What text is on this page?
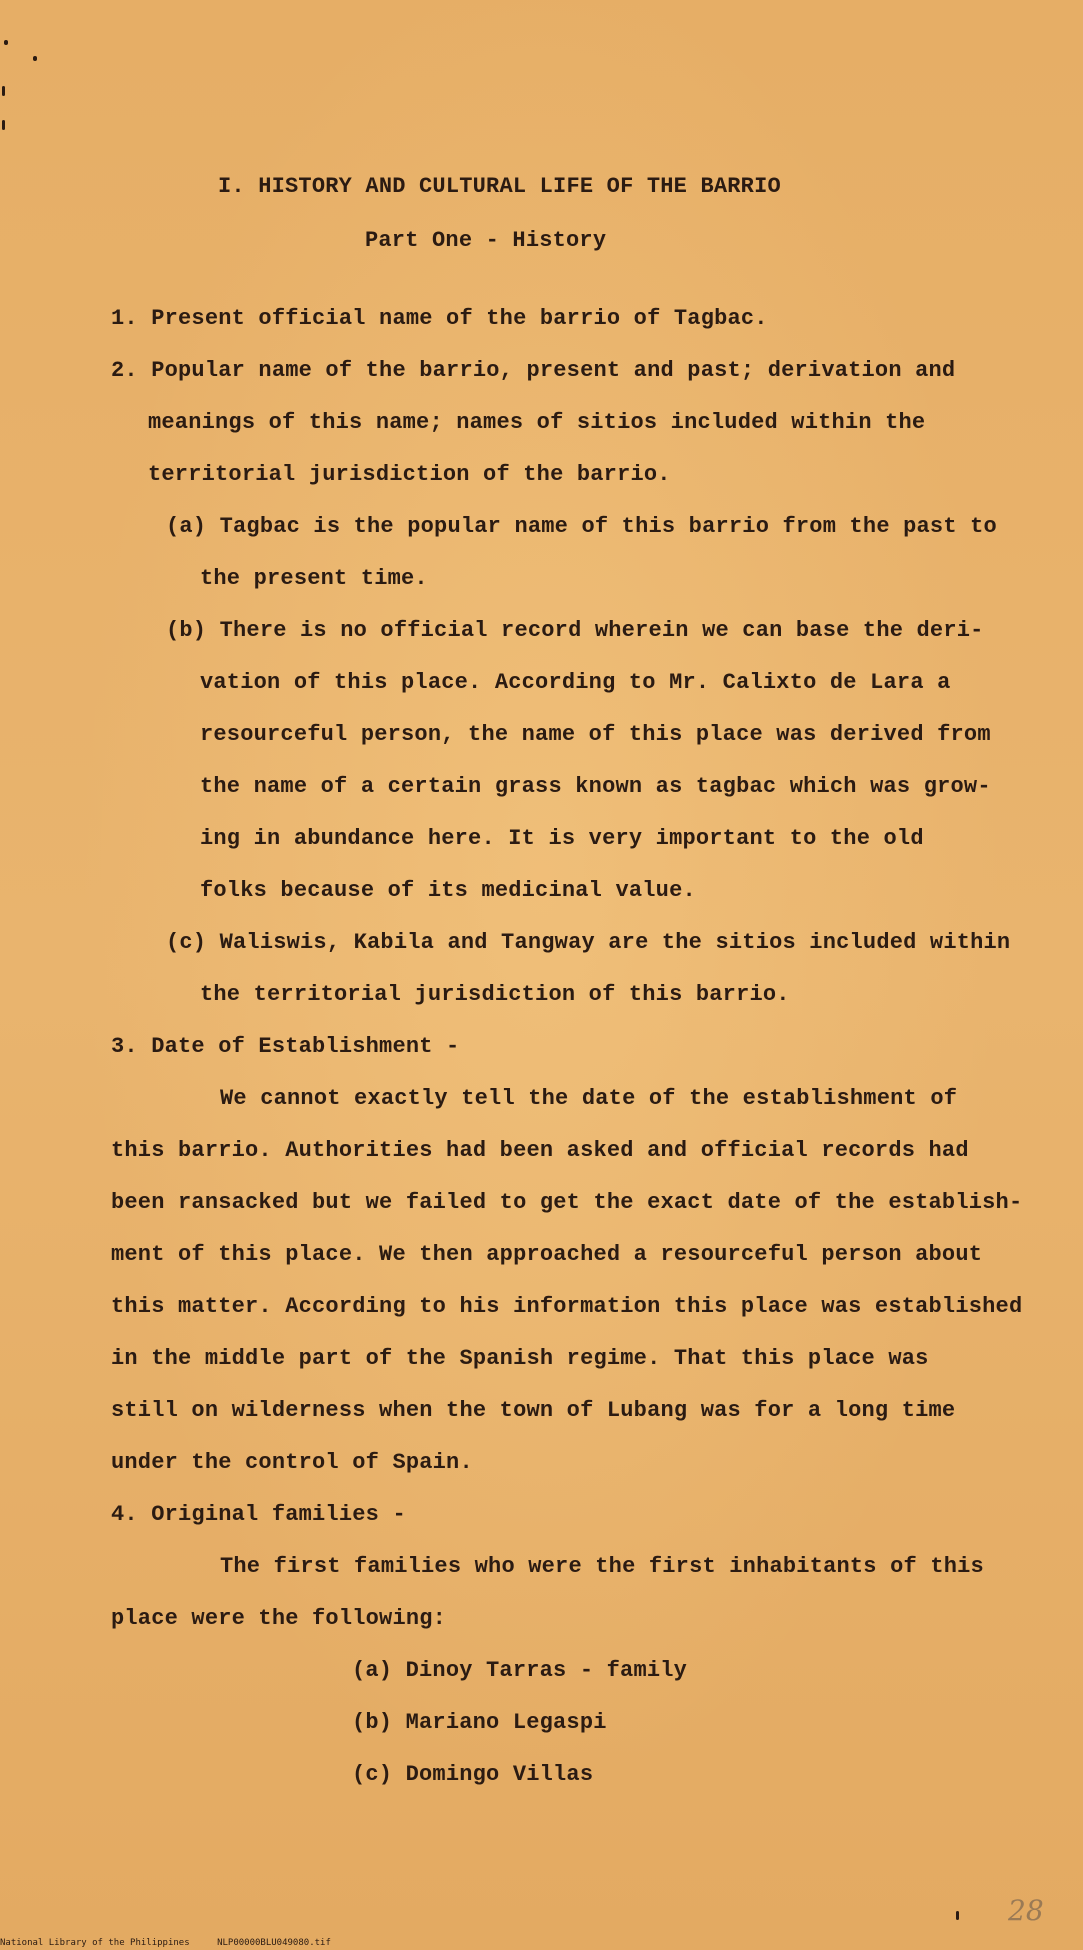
I. HISTORY AND CULTURAL LIFE OF THE BARRIO
Part One - History
1. Present official name of the barrio of Tagbac.
2. Popular name of the barrio, present and past; derivation and
meanings of this name; names of sitios included within the
territorial jurisdiction of the barrio.
(a) Tagbac is the popular name of this barrio from the past to
the present time.
(b) There is no official record wherein we can base the deri-
vation of this place. According to Mr. Calixto de Lara a
resourceful person, the name of this place was derived from
the name of a certain grass known as tagbac which was grow-
ing in abundance here. It is very important to the old
folks because of its medicinal value.
(c) Waliswis, Kabila and Tangway are the sitios included within
the territorial jurisdiction of this barrio.
3. Date of Establishment -
We cannot exactly tell the date of the establishment of
this barrio. Authorities had been asked and official records had
been ransacked but we failed to get the exact date of the establish-
ment of this place. We then approached a resourceful person about
this matter. According to his information this place was established
in the middle part of the Spanish regime. That this place was
still on wilderness when the town of Lubang was for a long time
under the control of Spain.
4. Original families -
The first families who were the first inhabitants of this
place were the following:
(a) Dinoy Tarras - family
(b) Mariano Legaspi
(c) Domingo Villas
28
National Library of the Philippines	NLP00000BLU049080.tif
